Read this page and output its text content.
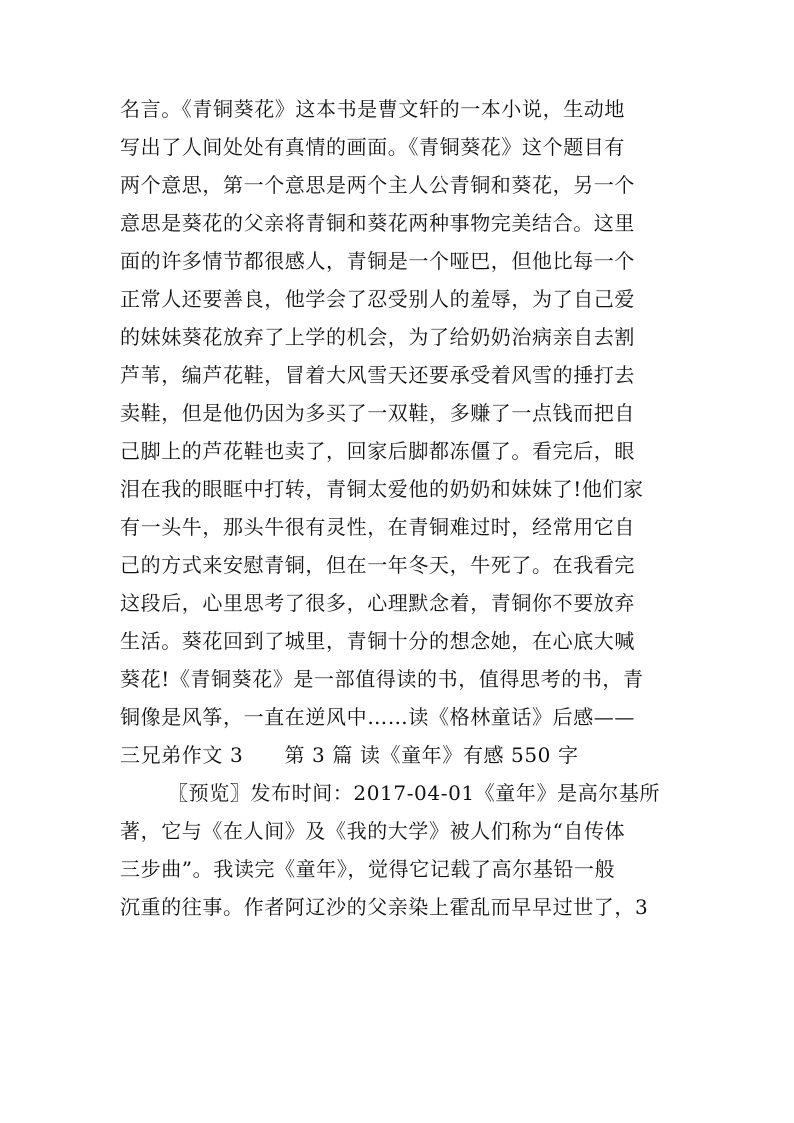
名言。《青铜葵花》这本书是曹文轩的一本小说，生动地
写出了人间处处有真情的画面。《青铜葵花》这个题目有
两个意思，第一个意思是两个主人公青铜和葵花，另一个
意思是葵花的父亲将青铜和葵花两种事物完美结合。这里
面的许多情节都很感人，青铜是一个哑巴，但他比每一个
正常人还要善良，他学会了忍受别人的羞辱，为了自己爱
的妹妹葵花放弃了上学的机会，为了给奶奶治病亲自去割
芦苇，编芦花鞋，冒着大风雪天还要承受着风雪的捶打去
卖鞋，但是他仍因为多买了一双鞋，多赚了一点钱而把自
己脚上的芦花鞋也卖了，回家后脚都冻僵了。看完后，眼
泪在我的眼眶中打转，青铜太爱他的奶奶和妹妹了!他们家
有一头牛，那头牛很有灵性，在青铜难过时，经常用它自
己的方式来安慰青铜，但在一年冬天，牛死了。在我看完
这段后，心里思考了很多，心理默念着，青铜你不要放弃
生活。葵花回到了城里，青铜十分的想念她，在心底大喊
葵花!《青铜葵花》是一部值得读的书，值得思考的书，青
铜像是风筝，一直在逆风中……读《格林童话》后感——
三兄弟作文 3　　第 3 篇 读《童年》有感 550 字
〖预览〗发布时间：2017-04-01《童年》是高尔基所
著，它与《在人间》及《我的大学》被人们称为“自传体
三步曲”。我读完《童年》，觉得它记载了高尔基铅一般
沉重的往事。作者阿辽沙的父亲染上霍乱而早早过世了，3
